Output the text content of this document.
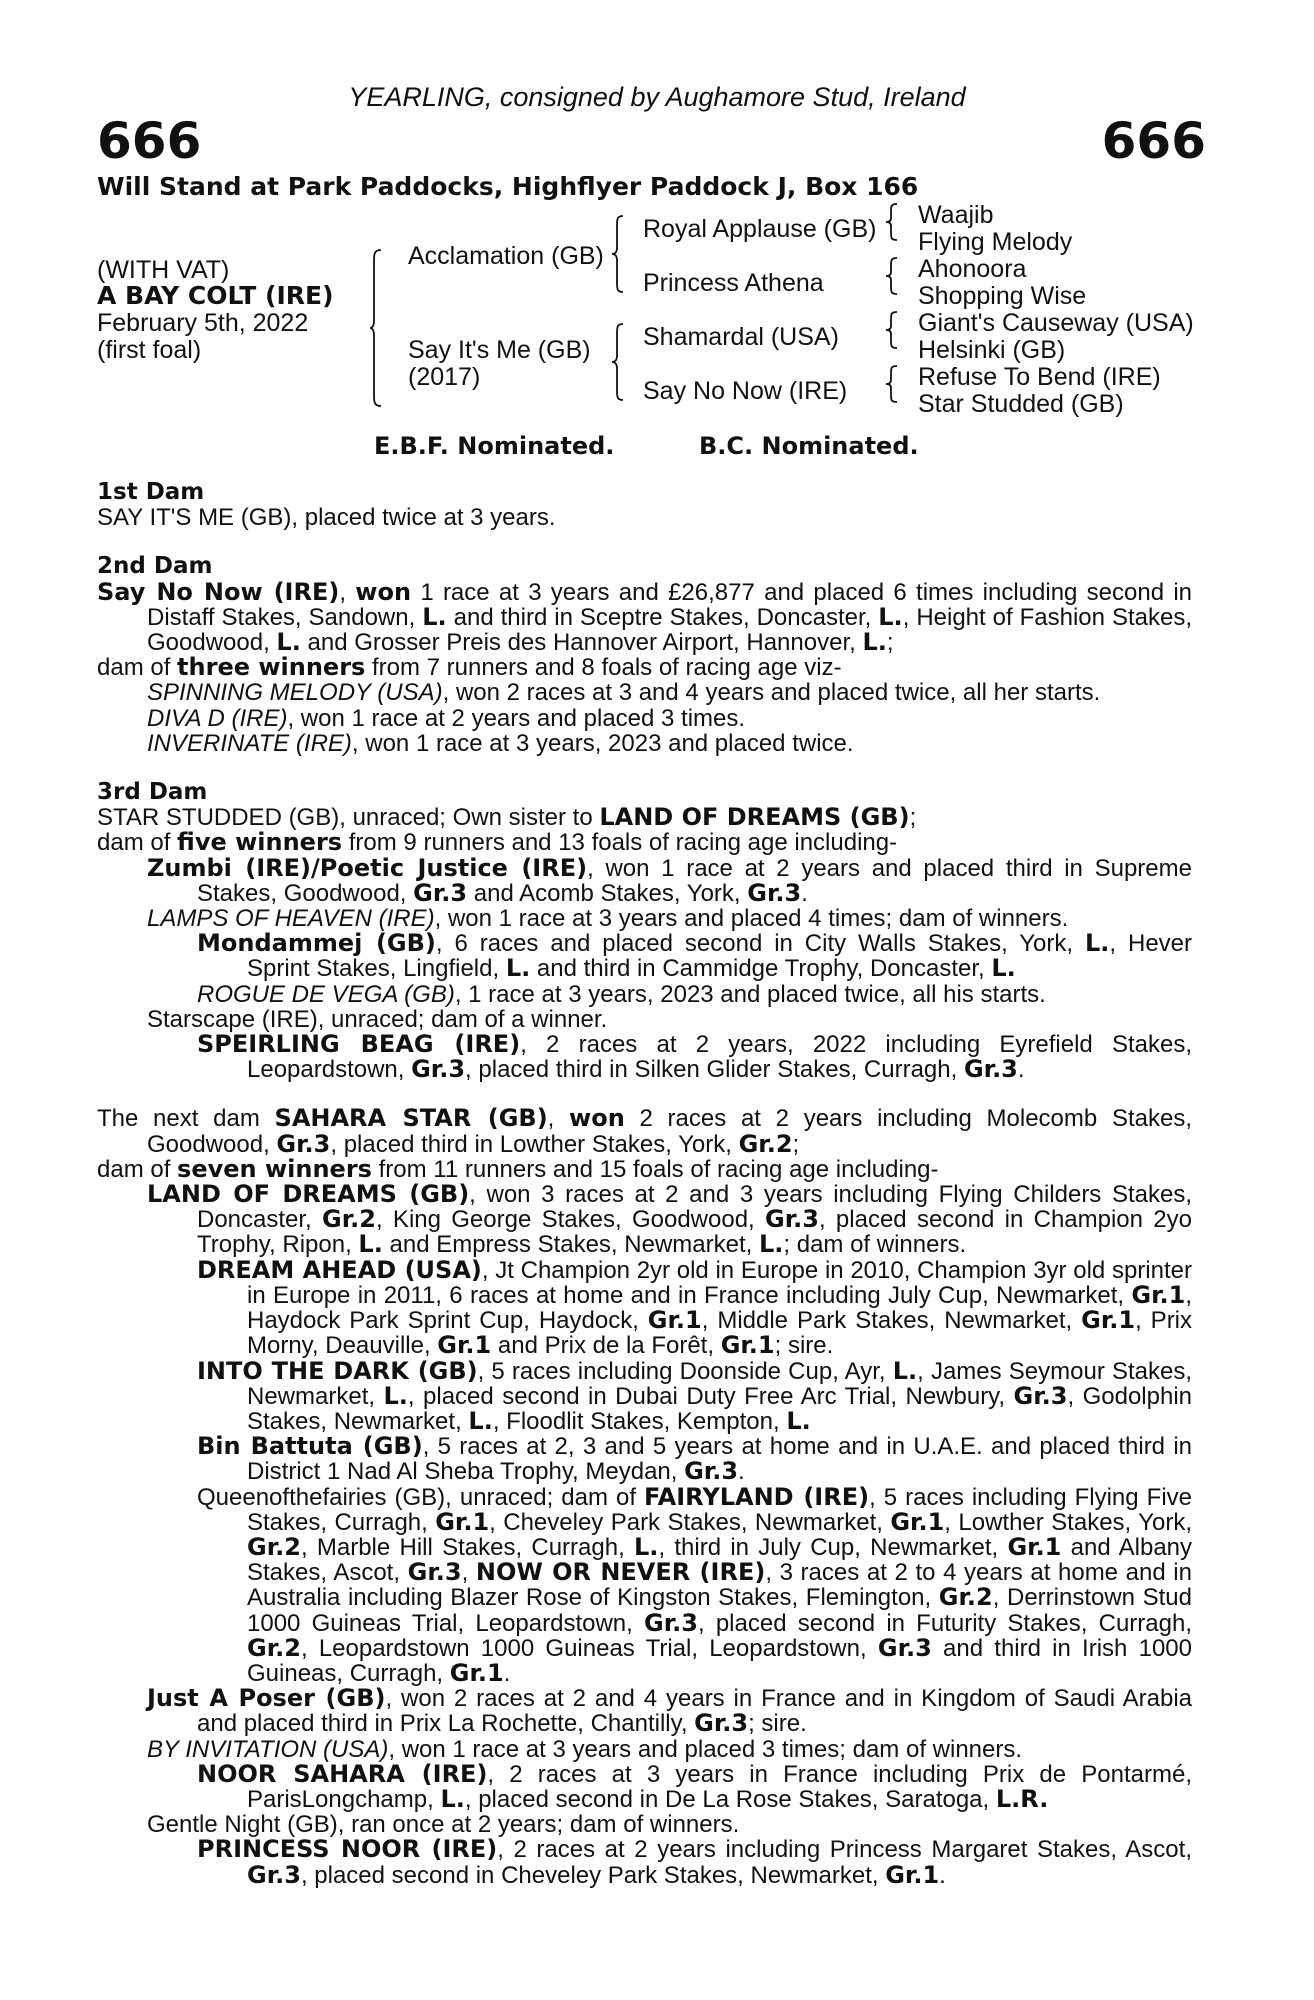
YEARLING, consigned by Aughamore Stud, Ireland
666	666
Will Stand at Park Paddocks, Highflyer Paddock J, Box 166
(WITH VAT)
A BAY COLT (IRE)
February 5th, 2022
(first foal)
Acclamation (GB)
Say It's Me (GB)
(2017)
Royal Applause (GB)
Princess Athena
Shamardal (USA)
Say No Now (IRE)
Waajib
Flying Melody
Ahonoora
Shopping Wise
Giant's Causeway (USA)
Helsinki (GB)
Refuse To Bend (IRE)
Star Studded (GB)
E.B.F. Nominated.	B.C. Nominated.
1st Dam
SAY IT'S ME (GB), placed twice at 3 years.
2nd Dam
Say No Now (IRE), won 1 race at 3 years and £26,877 and placed 6 times including second in Distaff Stakes, Sandown, L. and third in Sceptre Stakes, Doncaster, L., Height of Fashion Stakes, Goodwood, L. and Grosser Preis des Hannover Airport, Hannover, L.;
dam of three winners from 7 runners and 8 foals of racing age viz-
SPINNING MELODY (USA), won 2 races at 3 and 4 years and placed twice, all her starts.
DIVA D (IRE), won 1 race at 2 years and placed 3 times.
INVERINATE (IRE), won 1 race at 3 years, 2023 and placed twice.
3rd Dam
STAR STUDDED (GB), unraced; Own sister to LAND OF DREAMS (GB);
dam of five winners from 9 runners and 13 foals of racing age including-
Zumbi (IRE)/Poetic Justice (IRE), won 1 race at 2 years and placed third in Supreme Stakes, Goodwood, Gr.3 and Acomb Stakes, York, Gr.3.
LAMPS OF HEAVEN (IRE), won 1 race at 3 years and placed 4 times; dam of winners.
Mondammej (GB), 6 races and placed second in City Walls Stakes, York, L., Hever Sprint Stakes, Lingfield, L. and third in Cammidge Trophy, Doncaster, L.
ROGUE DE VEGA (GB), 1 race at 3 years, 2023 and placed twice, all his starts.
Starscape (IRE), unraced; dam of a winner.
SPEIRLING BEAG (IRE), 2 races at 2 years, 2022 including Eyrefield Stakes, Leopardstown, Gr.3, placed third in Silken Glider Stakes, Curragh, Gr.3.
The next dam SAHARA STAR (GB), won 2 races at 2 years including Molecomb Stakes, Goodwood, Gr.3, placed third in Lowther Stakes, York, Gr.2;
dam of seven winners from 11 runners and 15 foals of racing age including-
LAND OF DREAMS (GB), won 3 races at 2 and 3 years including Flying Childers Stakes, Doncaster, Gr.2, King George Stakes, Goodwood, Gr.3, placed second in Champion 2yo Trophy, Ripon, L. and Empress Stakes, Newmarket, L.; dam of winners.
DREAM AHEAD (USA), Jt Champion 2yr old in Europe in 2010, Champion 3yr old sprinter in Europe in 2011, 6 races at home and in France including July Cup, Newmarket, Gr.1, Haydock Park Sprint Cup, Haydock, Gr.1, Middle Park Stakes, Newmarket, Gr.1, Prix Morny, Deauville, Gr.1 and Prix de la Forêt, Gr.1; sire.
INTO THE DARK (GB), 5 races including Doonside Cup, Ayr, L., James Seymour Stakes, Newmarket, L., placed second in Dubai Duty Free Arc Trial, Newbury, Gr.3, Godolphin Stakes, Newmarket, L., Floodlit Stakes, Kempton, L.
Bin Battuta (GB), 5 races at 2, 3 and 5 years at home and in U.A.E. and placed third in District 1 Nad Al Sheba Trophy, Meydan, Gr.3.
Queenofthefairies (GB), unraced; dam of FAIRYLAND (IRE), 5 races including Flying Five Stakes, Curragh, Gr.1, Cheveley Park Stakes, Newmarket, Gr.1, Lowther Stakes, York, Gr.2, Marble Hill Stakes, Curragh, L., third in July Cup, Newmarket, Gr.1 and Albany Stakes, Ascot, Gr.3, NOW OR NEVER (IRE), 3 races at 2 to 4 years at home and in Australia including Blazer Rose of Kingston Stakes, Flemington, Gr.2, Derrinstown Stud 1000 Guineas Trial, Leopardstown, Gr.3, placed second in Futurity Stakes, Curragh, Gr.2, Leopardstown 1000 Guineas Trial, Leopardstown, Gr.3 and third in Irish 1000 Guineas, Curragh, Gr.1.
Just A Poser (GB), won 2 races at 2 and 4 years in France and in Kingdom of Saudi Arabia and placed third in Prix La Rochette, Chantilly, Gr.3; sire.
BY INVITATION (USA), won 1 race at 3 years and placed 3 times; dam of winners.
NOOR SAHARA (IRE), 2 races at 3 years in France including Prix de Pontarmé, ParisLongchamp, L., placed second in De La Rose Stakes, Saratoga, L.R.
Gentle Night (GB), ran once at 2 years; dam of winners.
PRINCESS NOOR (IRE), 2 races at 2 years including Princess Margaret Stakes, Ascot, Gr.3, placed second in Cheveley Park Stakes, Newmarket, Gr.1.
